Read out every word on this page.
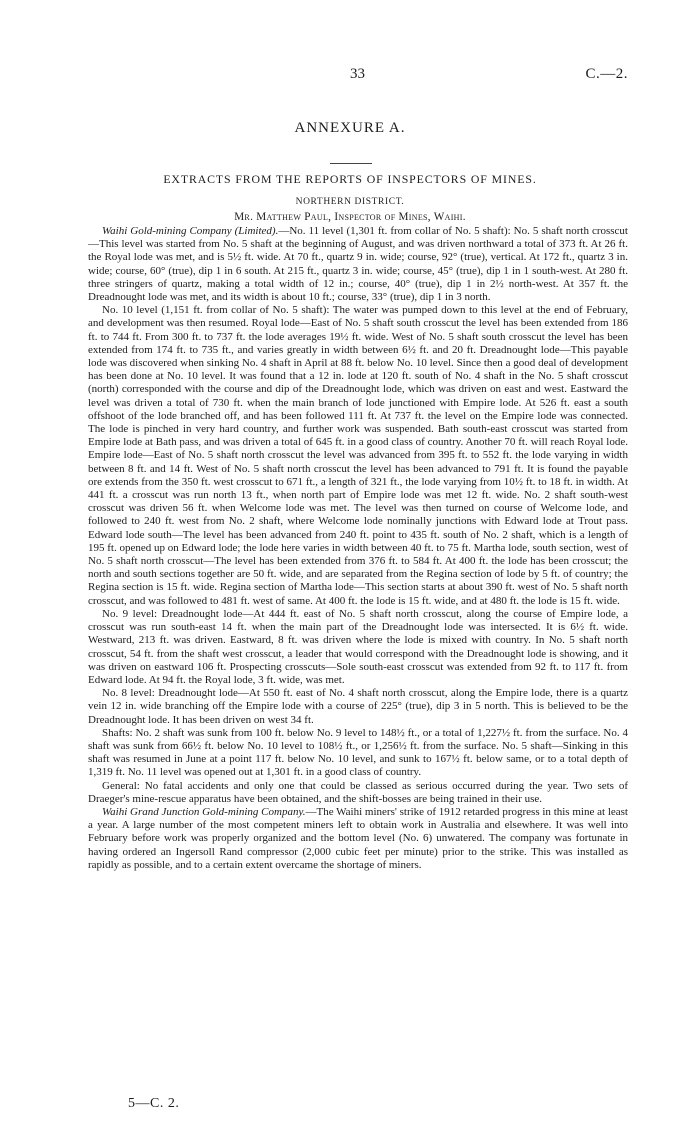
33	C.—2.
ANNEXURE A.
EXTRACTS FROM THE REPORTS OF INSPECTORS OF MINES.
NORTHERN DISTRICT.
Mr. Matthew Paul, Inspector of Mines, Waihi.

Waihi Gold-mining Company (Limited).—No. 11 level (1,301 ft. from collar of No. 5 shaft): No. 5 shaft north crosscut—This level was started from No. 5 shaft at the beginning of August, and was driven northward a total of 373 ft. At 26 ft. the Royal lode was met, and is 5½ ft. wide. At 70 ft., quartz 9 in. wide; course, 92° (true), vertical. At 172 ft., quartz 3 in. wide; course, 60° (true), dip 1 in 6 south. At 215 ft., quartz 3 in. wide; course, 45° (true), dip 1 in 1 south-west. At 280 ft. three stringers of quartz, making a total width of 12 in.; course, 40° (true), dip 1 in 2½ north-west. At 357 ft. the Dreadnought lode was met, and its width is about 10 ft.; course, 33° (true), dip 1 in 3 north.

No. 10 level (1,151 ft. from collar of No. 5 shaft): The water was pumped down to this level at the end of February, and development was then resumed. Royal lode—East of No. 5 shaft south crosscut the level has been extended from 186 ft. to 744 ft. From 300 ft. to 737 ft. the lode averages 19½ ft. wide. West of No. 5 shaft south crosscut the level has been extended from 174 ft. to 735 ft., and varies greatly in width between 6½ ft. and 20 ft. Dreadnought lode—This payable lode was discovered when sinking No. 4 shaft in April at 88 ft. below No. 10 level. Since then a good deal of development has been done at No. 10 level. It was found that a 12 in. lode at 120 ft. south of No. 4 shaft in the No. 5 shaft crosscut (north) corresponded with the course and dip of the Dreadnought lode, which was driven on east and west. Eastward the level was driven a total of 730 ft. when the main branch of lode junctioned with Empire lode. At 526 ft. east a south offshoot of the lode branched off, and has been followed 111 ft. At 737 ft. the level on the Empire lode was connected. The lode is pinched in very hard country, and further work was suspended. Bath south-east crosscut was started from Empire lode at Bath pass, and was driven a total of 645 ft. in a good class of country. Another 70 ft. will reach Royal lode. Empire lode—East of No. 5 shaft north crosscut the level was advanced from 395 ft. to 552 ft. the lode varying in width between 8 ft. and 14 ft. West of No. 5 shaft north crosscut the level has been advanced to 791 ft. It is found the payable ore extends from the 350 ft. west crosscut to 671 ft., a length of 321 ft., the lode varying from 10½ ft. to 18 ft. in width. At 441 ft. a crosscut was run north 13 ft., when north part of Empire lode was met 12 ft. wide. No. 2 shaft south-west crosscut was driven 56 ft. when Welcome lode was met. The level was then turned on course of Welcome lode, and followed to 240 ft. west from No. 2 shaft, where Welcome lode nominally junctions with Edward lode at Trout pass. Edward lode south—The level has been advanced from 240 ft. point to 435 ft. south of No. 2 shaft, which is a length of 195 ft. opened up on Edward lode; the lode here varies in width between 40 ft. to 75 ft. Martha lode, south section, west of No. 5 shaft north crosscut—The level has been extended from 376 ft. to 584 ft. At 400 ft. the lode has been crosscut; the north and south sections together are 50 ft. wide, and are separated from the Regina section of lode by 5 ft. of country; the Regina section is 15 ft. wide. Regina section of Martha lode—This section starts at about 390 ft. west of No. 5 shaft north crosscut, and was followed to 481 ft. west of same. At 400 ft. the lode is 15 ft. wide, and at 480 ft. the lode is 15 ft. wide.

No. 9 level: Dreadnought lode—At 444 ft. east of No. 5 shaft north crosscut, along the course of Empire lode, a crosscut was run south-east 14 ft. when the main part of the Dreadnought lode was intersected. It is 6½ ft. wide. Westward, 213 ft. was driven. Eastward, 8 ft. was driven where the lode is mixed with country. In No. 5 shaft north crosscut, 54 ft. from the shaft west crosscut, a leader that would correspond with the Dreadnought lode is showing, and it was driven on eastward 106 ft. Prospecting crosscuts—Sole south-east crosscut was extended from 92 ft. to 117 ft. from Edward lode. At 94 ft. the Royal lode, 3 ft. wide, was met.

No. 8 level: Dreadnought lode—At 550 ft. east of No. 4 shaft north crosscut, along the Empire lode, there is a quartz vein 12 in. wide branching off the Empire lode with a course of 225° (true), dip 3 in 5 north. This is believed to be the Dreadnought lode. It has been driven on west 34 ft.

Shafts: No. 2 shaft was sunk from 100 ft. below No. 9 level to 148½ ft., or a total of 1,227½ ft. from the surface. No. 4 shaft was sunk from 66½ ft. below No. 10 level to 108½ ft., or 1,256½ ft. from the surface. No. 5 shaft—Sinking in this shaft was resumed in June at a point 117 ft. below No. 10 level, and sunk to 167½ ft. below same, or to a total depth of 1,319 ft. No. 11 level was opened out at 1,301 ft. in a good class of country.

General: No fatal accidents and only one that could be classed as serious occurred during the year. Two sets of Draeger's mine-rescue apparatus have been obtained, and the shift-bosses are being trained in their use.

Waihi Grand Junction Gold-mining Company.—The Waihi miners' strike of 1912 retarded progress in this mine at least a year. A large number of the most competent miners left to obtain work in Australia and elsewhere. It was well into February before work was properly organized and the bottom level (No. 6) unwatered. The company was fortunate in having ordered an Ingersoll Rand compressor (2,000 cubic feet per minute) prior to the strike. This was installed as rapidly as possible, and to a certain extent overcame the shortage of miners.

5—C. 2.
